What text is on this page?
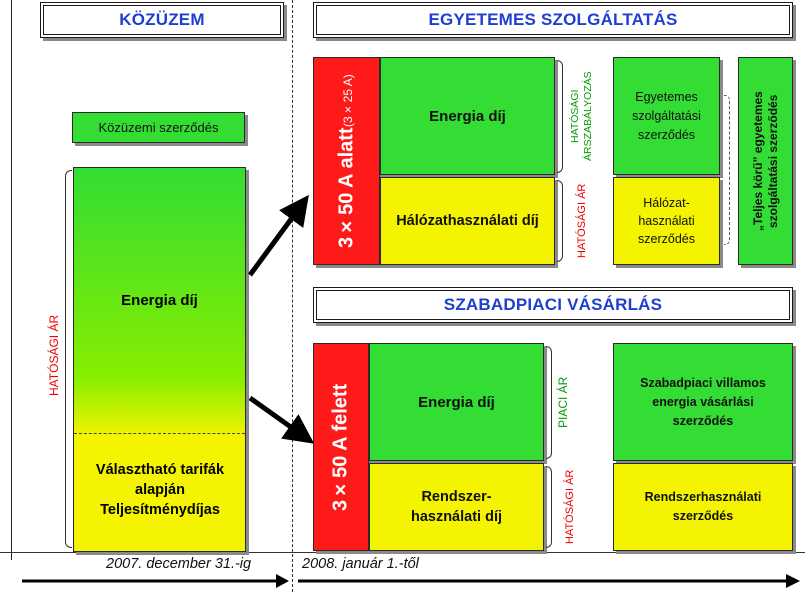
KÖZÜZEM	EGYETEMES SZOLGÁLTATÁS
SZABADPIACI VÁSÁRLÁS
Közüzemi szerződés
Energia díj
Választható tarifák alapján Teljesítménydíjas
HATÓSÁGI ÁR
3×50 A alatt
(3×25 A)	Energia díj
Hálózathasználati díj
HATÓSÁGI ÁRSZABÁLYOZÁS
HATÓSÁGI ÁR
Egyetemes szolgáltatási szerződés
Hálózat-használati szerződés
„Teljes körű” egyetemes szolgáltatási szerződés
3×50 A felett	Energia díj
Rendszer-használati díj
PIACI ÁR
HATÓSÁGI ÁR
Szabadpiaci villamos energia vásárlási szerződés
Rendszerhasználati szerződés
2007. december 31.-ig	2008. január 1.-től
